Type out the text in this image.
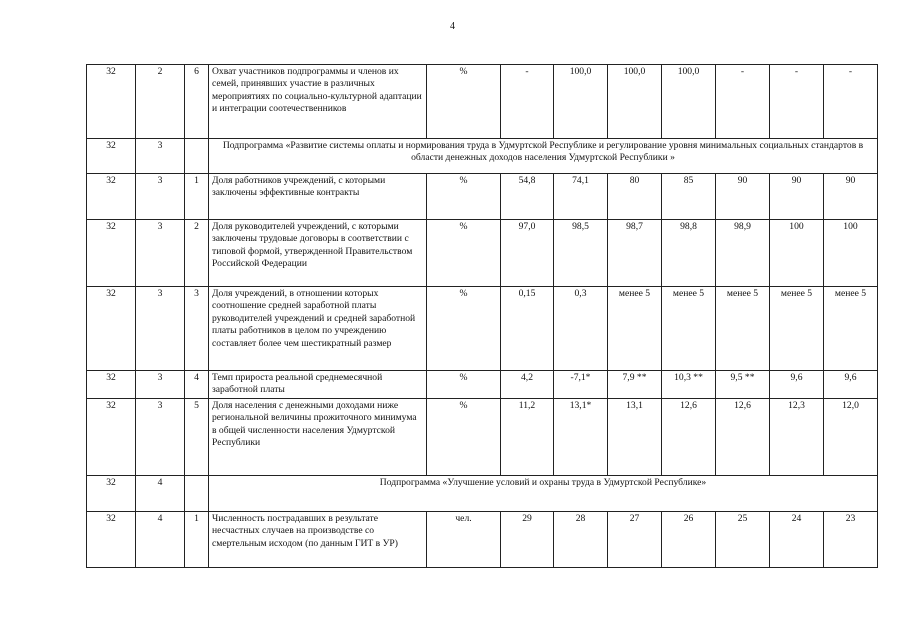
4
32	2	6	Охват участников подпрограммы и членов их семей, принявших участие в различных мероприятиях по социально-культурной адаптации и интеграции соотечественников	%	-	100,0	100,0	100,0	-	-	-
32	3		Подпрограмма «Развитие системы оплаты и нормирования труда в Удмуртской Республике и регулирование уровня минимальных социальных стандартов в области денежных доходов населения Удмуртской Республики »								
32	3	1	Доля работников учреждений, с которыми заключены эффективные контракты	%	54,8	74,1	80	85	90	90	90
32	3	2	Доля руководителей учреждений, с которыми заключены трудовые договоры в соответствии с типовой формой, утвержденной Правительством Российской Федерации	%	97,0	98,5	98,7	98,8	98,9	100	100
32	3	3	Доля учреждений, в отношении которых соотношение средней заработной платы руководителей учреждений и средней заработной платы работников в целом по учреждению составляет более чем шестикратный размер	%	0,15	0,3	менее 5	менее 5	менее 5	менее 5	менее 5
32	3	4	Темп прироста реальной среднемесячной заработной платы	%	4,2	-7,1*	7,9 **	10,3 **	9,5 **	9,6	9,6
32	3	5	Доля населения с денежными доходами ниже региональной величины прожиточного минимума в общей численности населения Удмуртской Республики	%	11,2	13,1*	13,1	12,6	12,6	12,3	12,0
32	4		Подпрограмма «Улучшение условий и охраны труда в Удмуртской Республике»								
32	4	1	Численность пострадавших в результате несчастных случаев на производстве со смертельным исходом (по данным ГИТ в УР)	чел.	29	28	27	26	25	24	23
